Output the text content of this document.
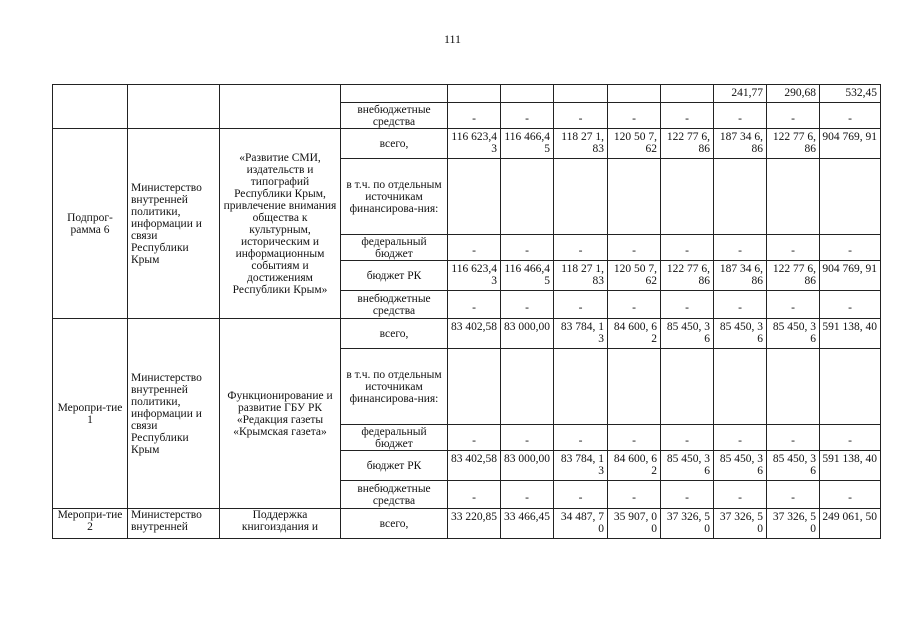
111
									241,77	290,68	532,45
			внебюджетные средства	-	-	-	-	-	-	-	-
Подпрог-рамма 6	Министерство внутренней политики, информации и связи Республики Крым	«Развитие СМИ, издательств и типографий Республики Крым, привлечение внимания общества к культурным, историческим и информационным событиям и достижениям Республики Крым»	всего,	116 623,43	116 466,45	118 27 1,83	120 50 7,62	122 77 6,86	187 34 6,86	122 77 6,86	904 769, 91
			в т.ч. по отдельным источникам финансирова-ния:								
			федеральный бюджет	-	-	-	-	-	-	-	-
			бюджет РК	116 623,43	116 466,45	118 27 1,83	120 50 7,62	122 77 6,86	187 34 6,86	122 77 6,86	904 769, 91
			внебюджетные средства	-	-	-	-	-	-	-	-
Меропри-тие 1	Министерство внутренней политики, информации и связи Республики Крым	Функционирование и развитие ГБУ РК «Редакция газеты «Крымская газета»	всего,	83 402,58	83 000,00	83 784, 13	84 600, 62	85 450, 36	85 450, 36	85 450, 36	591 138, 40
			в т.ч. по отдельным источникам финансирова-ния:								
			федеральный бюджет	-	-	-	-	-	-	-	-
			бюджет РК	83 402,58	83 000,00	83 784, 13	84 600, 62	85 450, 36	85 450, 36	85 450, 36	591 138, 40
			внебюджетные средства	-	-	-	-	-	-	-	-
Меропри-тие 2	Министерство внутренней	Поддержка книгоиздания и	всего,	33 220,85	33 466,45	34 487, 70	35 907, 00	37 326, 50	37 326, 50	37 326, 50	249 061, 50
